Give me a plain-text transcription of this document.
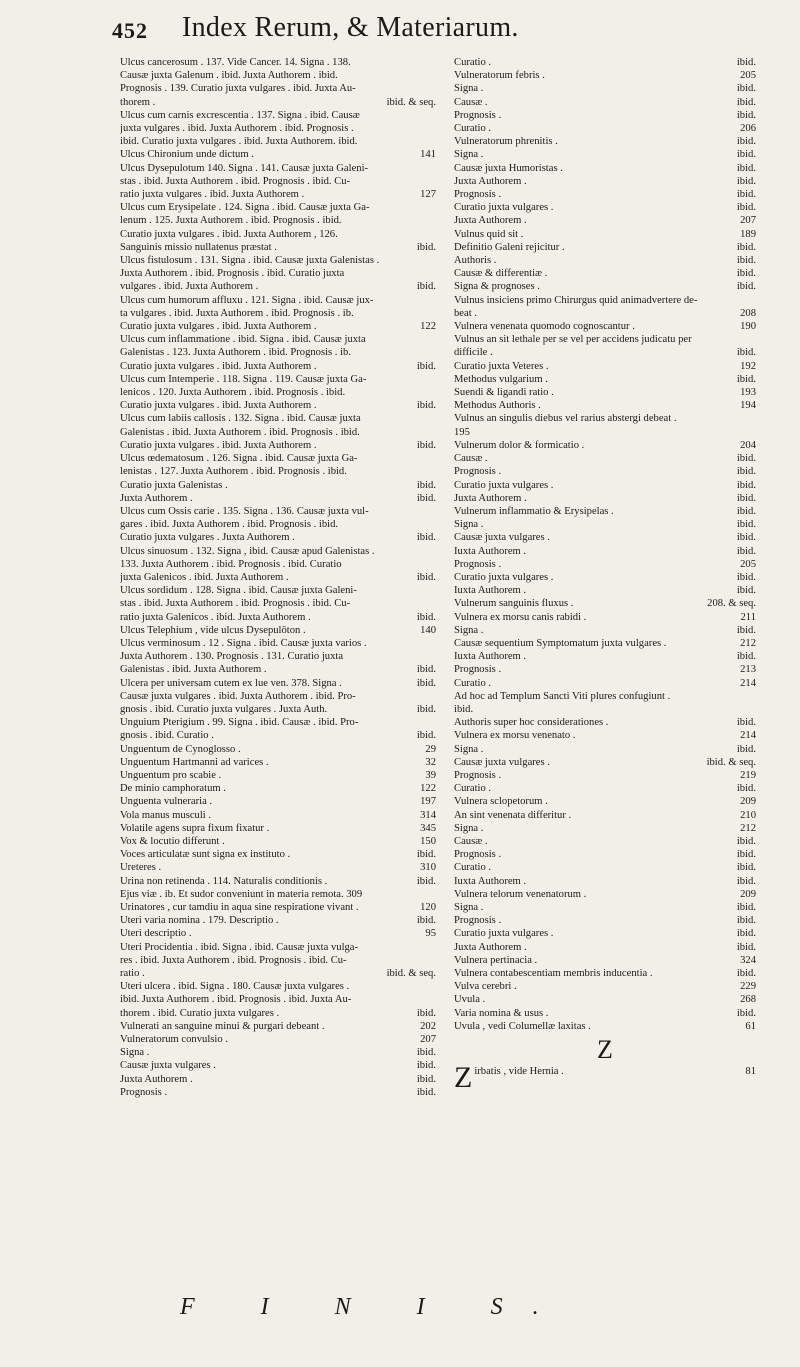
452 Index Rerum, & Materiarum.
Ulcus cancerosum . 137. Vide Cancer. 14. Signa . 138.
Causæ juxta Galenum . ibid. Juxta Authorem . ibid.
Prognosis . 139. Curatio juxta vulgares . ibid. Juxta Au-
thorem .	ibid. & seq.
Ulcus cum carnis excrescentia . 137. Signa . ibid. Causæ
juxta vulgares . ibid. Juxta Authorem . ibid. Prognosis .
ibid. Curatio juxta vulgares . ibid. Juxta Authorem. ibid.
Ulcus Chironium unde dictum .	141
Ulcus Dysepulotum 140. Signa . 141. Causæ juxta Galeni-
stas . ibid. Juxta Authorem . ibid. Prognosis . ibid. Cu-
ratio juxta vulgares . ibid. Juxta Authorem .	127
Ulcus cum Erysipelate . 124. Signa . ibid. Causæ juxta Ga-
lenum . 125. Juxta Authorem . ibid. Prognosis . ibid.
Curatio juxta vulgares . ibid. Juxta Authorem , 126.
Sanguinis missio nullatenus præstat .	ibid.
Ulcus fistulosum . 131. Signa . ibid. Causæ juxta Galenistas .
Juxta Authorem . ibid. Prognosis . ibid. Curatio juxta
vulgares . ibid. Juxta Authorem .	ibid.
Ulcus cum humorum affluxu . 121. Signa . ibid. Causæ jux-
ta vulgares . ibid. Juxta Authorem . ibid. Prognosis . ib.
Curatio juxta vulgares . ibid. Juxta Authorem .	122
Ulcus cum inflammatione . ibid. Signa . ibid. Causæ juxta
Galenistas . 123. Juxta Authorem . ibid. Prognosis . ib.
Curatio juxta vulgares . ibid. Juxta Authorem .	ibid.
Ulcus cum Intemperie . 118. Signa . 119. Causæ juxta Ga-
lenicos . 120. Juxta Authorem . ibid. Prognosis . ibid.
Curatio juxta vulgares . ibid. Juxta Authorem .	ibid.
Ulcus cum labiis callosis . 132. Signa . ibid. Causæ juxta
Galenistas . ibid. Juxta Authorem . ibid. Prognosis . ibid.
Curatio juxta vulgares . ibid. Juxta Authorem .	ibid.
Ulcus œdematosum . 126. Signa . ibid. Causæ juxta Ga-
lenistas . 127. Juxta Authorem . ibid. Prognosis . ibid.
Curatio juxta Galenistas .	ibid.
Juxta Authorem .	ibid.
Ulcus cum Ossis carie . 135. Signa . 136. Causæ juxta vul-
gares . ibid. Juxta Authorem . ibid. Prognosis . ibid.
Curatio juxta vulgares . Juxta Authorem .	ibid.
Ulcus sinuosum . 132. Signa , ibid. Causæ apud Galenistas .
133. Juxta Authorem . ibid. Prognosis . ibid. Curatio
juxta Galenicos . ibid. Juxta Authorem .	ibid.
Ulcus sordidum . 128. Signa . ibid. Causæ juxta Galeni-
stas . ibid. Juxta Authorem . ibid. Prognosis . ibid. Cu-
ratio juxta Galenicos . ibid. Juxta Authorem .	ibid.
Ulcus Telephium , vide ulcus Dysepulōton .	140
Ulcus verminosum . 12 . Signa . ibid. Causæ juxta varios .
Juxta Authorem . 130. Prognosis . 131. Curatio juxta
Galenistas . ibid. Juxta Authorem .	ibid.
Ulcera per universam cutem ex lue ven. 378. Signa .	ibid.
Causæ juxta vulgares . ibid. Juxta Authorem . ibid. Pro-
gnosis . ibid. Curatio juxta vulgares . Juxta Auth.	ibid.
Unguium Pterigium . 99. Signa . ibid. Causæ . ibid. Pro-
gnosis . ibid. Curatio .	ibid.
Unguentum de Cynoglosso .	29
Unguentum Hartmanni ad varices .	32
Unguentum pro scabie .	39
De minio camphoratum .	122
Unguenta vulneraria .	197
Vola manus musculi .	314
Volatile agens supra fixum fixatur .	345
Vox & locutio differunt .	150
Voces articulatæ sunt signa ex instituto .	ibid.
Ureteres .	310
Urina non retinenda . 114. Naturalis conditionis .	ibid.
Ejus viæ . ib. Et sudor conveniunt in materia remota. 309
Urinatores , cur tamdiu in aqua sine respiratione vivant .	120
Uteri varia nomina . 179. Descriptio .	ibid.
Uteri descriptio .	95
Uteri Procidentia . ibid. Signa . ibid. Causæ juxta vulga-
res . ibid. Juxta Authorem . ibid. Prognosis . ibid. Cu-
ratio .	ibid. & seq.
Uteri ulcera . ibid. Signa . 180. Causæ juxta vulgares .
ibid. Juxta Authorem . ibid. Prognosis . ibid. Juxta Au-
thorem . ibid. Curatio juxta vulgares .	ibid.
Vulnerati an sanguine minui & purgari debeant .	202
Vulneratorum convulsio .	207
Signa .	ibid.
Causæ juxta vulgares .	ibid.
Juxta Authorem .	ibid.
Prognosis .	ibid.
Curatio .	ibid.
Vulneratorum febris .	205
Signa .	ibid.
Causæ .	ibid.
Prognosis .	ibid.
Curatio .	206
Vulneratorum phrenitis .	ibid.
Signa .	ibid.
Causæ juxta Humoristas .	ibid.
Juxta Authorem .	ibid.
Prognosis .	ibid.
Curatio juxta vulgares .	ibid.
Juxta Authorem .	207
Vulnus quid sit .	189
Definitio Galeni rejicitur .	ibid.
Authoris .	ibid.
Causæ & differentiæ .	ibid.
Signa & prognoses .	ibid.
Vulnus insiciens primo Chirurgus quid animadvertere de-
beat .	208
Vulnera venenata quomodo cognoscantur .	190
Vulnus an sit lethale per se vel per accidens judicatu per
difficile .	ibid.
Curatio juxta Veteres .	192
Methodus vulgarium .	ibid.
Suendi & ligandi ratio .	193
Methodus Authoris .	194
Vulnus an singulis diebus vel rarius abstergi debeat .
195
Vulnerum dolor & formicatio .	204
Causæ .	ibid.
Prognosis .	ibid.
Curatio juxta vulgares .	ibid.
Juxta Authorem .	ibid.
Vulnerum inflammatio & Erysipelas .	ibid.
Signa .	ibid.
Causæ juxta vulgares .	ibid.
Iuxta Authorem .	ibid.
Prognosis .	205
Curatio juxta vulgares .	ibid.
Iuxta Authorem .	ibid.
Vulnerum sanguinis fluxus .	208. & seq.
Vulnera ex morsu canis rabidi .	211
Signa .	ibid.
Causæ sequentium Symptomatum juxta vulgares .	212
Iuxta Authorem .	ibid.
Prognosis .	213
Curatio .	214
Ad hoc ad Templum Sancti Viti plures confugiunt .
ibid.
Authoris super hoc considerationes .	ibid.
Vulnera ex morsu venenato .	214
Signa .	ibid.
Causæ juxta vulgares .	ibid. & seq.
Prognosis .	219
Curatio .	ibid.
Vulnera sclopetorum .	209
An sint venenata differitur .	210
Signa .	212
Causæ .	ibid.
Prognosis .	ibid.
Curatio .	ibid.
Iuxta Authorem .	ibid.
Vulnera telorum venenatorum .	209
Signa .	ibid.
Prognosis .	ibid.
Curatio juxta vulgares .	ibid.
Juxta Authorem .	ibid.
Vulnera pertinacia .	324
Vulnera contabescentiam membris inducentia .	ibid.
Vulva cerebri .	229
Uvula .	268
Varia nomina & usus .	ibid.
Uvula , vedi Columellæ laxitas .	61
Z
Z irbatis , vide Hernia .	81
F I N I S.
